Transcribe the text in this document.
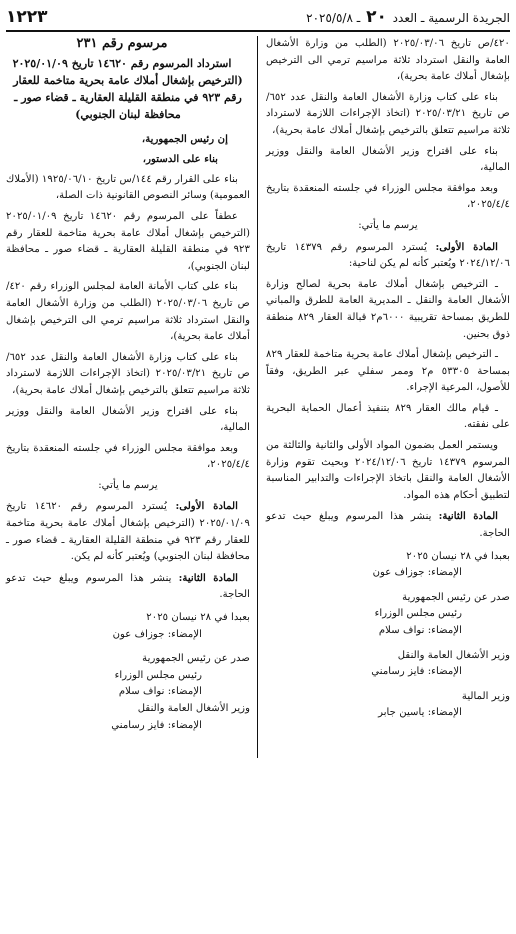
الجريدة الرسمية ـ العدد ٢٠ ـ ٢٠٢٥/٥/٨
١٢٢٣

٤٢٠/ص تاريخ ٢٠٢٥/٠٣/٠٦ (الطلب من وزارة الأشغال العامة والنقل استرداد ثلاثة مراسيم ترمي الى الترخيص بإشغال أملاك عامة بحرية)،

بناء على كتاب وزارة الأشغال العامة والنقل عدد ٦٥٢/ص تاريخ ٢٠٢٥/٠٣/٢١ (اتخاذ الإجراءات اللازمة لاسترداد ثلاثة مراسيم تتعلق بالترخيص بإشغال أملاك عامة بحرية)،

بناء على اقتراح وزير الأشغال العامة والنقل ووزير المالية،

وبعد موافقة مجلس الوزراء في جلسته المنعقدة بتاريخ ٢٠٢٥/٤/٤،

يرسم ما يأتي:

المادة الأولى: يُسترد المرسوم رقم ١٤٣٧٩ تاريخ ٢٠٢٤/١٢/٠٦ ويُعتبر كأنه لم يكن لناحية:

ـ الترخيص بإشغال أملاك عامة بحرية لصالح وزارة الأشغال العامة والنقل ـ المديرية العامة للطرق والمباني للطريق بمساحة تقريبية ٦٠٠٠م٢ قبالة العقار ٨٢٩ منطقة ذوق بحنين.

ـ الترخيص بإشغال أملاك عامة بحرية متاخمة للعقار ٨٢٩ بمساحة ٥٣٣٠٥ م٢ وممر سفلي عبر الطريق، وفقاً للأصول، المرعية الإجراء.

ـ قيام مالك العقار ٨٢٩ بتنفيذ أعمال الحماية البحرية على نفقته.

ويستمر العمل بضمون المواد الأولى والثانية والثالثة من المرسوم ١٤٣٧٩ تاريخ ٢٠٢٤/١٢/٠٦ وبحيث تقوم وزارة الأشغال العامة والنقل باتخاذ الإجراءات والتدابير المناسبة لتطبيق أحكام هذه المواد.

المادة الثانية: ينشر هذا المرسوم ويبلغ حيث تدعو الحاجة.

بعبدا في ٢٨ نيسان ٢٠٢٥

الإمضاء: جوزاف عون

صدر عن رئيس الجمهورية

رئيس مجلس الوزراء

الإمضاء: نواف سلام

وزير الأشغال العامة والنقل

الإمضاء: فايز رسامني

وزير المالية

الإمضاء: ياسين جابر

مرسوم رقم ٢٣١

استرداد المرسوم رقم ١٤٦٢٠ تاريخ ٢٠٢٥/٠١/٠٩ (الترخيص بإشغال أملاك عامة بحرية متاخمة للعقار رقم ٩٢٣ في منطقة القليلة العقارية ـ قضاء صور ـ محافظة لبنان الجنوبي)

إن رئيس الجمهورية،

بناء على الدستور،

بناء على القرار رقم ١٤٤/س تاريخ ١٩٢٥/٠٦/١٠ (الأملاك العمومية) وسائر النصوص القانونية ذات الصلة،

عطفاً على المرسوم رقم ١٤٦٢٠ تاريخ ٢٠٢٥/٠١/٠٩ (الترخيص بإشغال أملاك عامة بحرية متاخمة للعقار رقم ٩٢٣ في منطقة القليلة العقارية ـ قضاء صور ـ محافظة لبنان الجنوبي)،

بناء على كتاب الأمانة العامة لمجلس الوزراء رقم ٤٢٠/ص تاريخ ٢٠٢٥/٠٣/٠٦ (الطلب من وزارة الأشغال العامة والنقل استرداد ثلاثة مراسيم ترمي الى الترخيص بإشغال أملاك عامة بحرية)،

بناء على كتاب وزارة الأشغال العامة والنقل عدد ٦٥٢/ص تاريخ ٢٠٢٥/٠٣/٢١ (اتخاذ الإجراءات اللازمة لاسترداد ثلاثة مراسيم تتعلق بالترخيص بإشغال أملاك عامة بحرية)،

بناء على اقتراح وزير الأشغال العامة والنقل ووزير المالية،

وبعد موافقة مجلس الوزراء في جلسته المنعقدة بتاريخ ٢٠٢٥/٤/٤،

يرسم ما يأتي:

المادة الأولى: يُسترد المرسوم رقم ١٤٦٢٠ تاريخ ٢٠٢٥/٠١/٠٩ (الترخيص بإشغال أملاك عامة بحرية متاخمة للعقار رقم ٩٢٣ في منطقة القليلة العقارية ـ قضاء صور ـ محافظة لبنان الجنوبي) ويُعتبر كأنه لم يكن.

المادة الثانية: ينشر هذا المرسوم ويبلغ حيث تدعو الحاجة.

بعبدا في ٢٨ نيسان ٢٠٢٥

الإمضاء: جوزاف عون

صدر عن رئيس الجمهورية

رئيس مجلس الوزراء

الإمضاء: نواف سلام

وزير الأشغال العامة والنقل

الإمضاء: فايز رسامني
